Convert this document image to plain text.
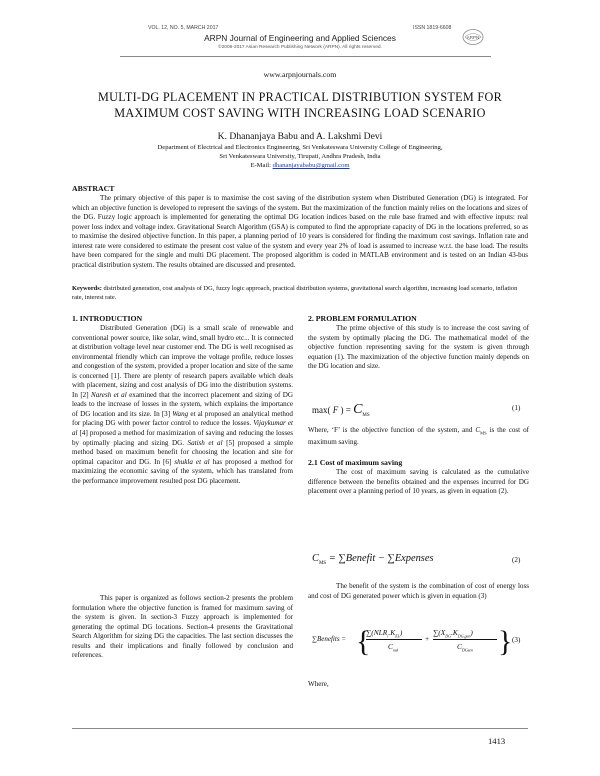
VOL. 12, NO. 5, MARCH 2017	ISSN 1819-6608
ARPN Journal of Engineering and Applied Sciences
©2006-2017 Asian Research Publishing Network (ARPN). All rights reserved.
ARPN
www.arpnjournals.com
MULTI-DG PLACEMENT IN PRACTICAL DISTRIBUTION SYSTEM FOR
MAXIMUM COST SAVING WITH INCREASING LOAD SCENARIO
K. Dhananjaya Babu and A. Lakshmi Devi
Department of Electrical and Electronics Engineering, Sri Venkateswara University College of Engineering,
Sri Venkateswara University, Tirupati, Andhra Pradesh, India
E-Mail: dhananjayababu@gmail.com
ABSTRACT
The primary objective of this paper is to maximise the cost saving of the distribution system when Distributed Generation (DG) is integrated. For which an objective function is developed to represent the savings of the system. But the maximization of the function mainly relies on the locations and sizes of the DG. Fuzzy logic approach is implemented for generating the optimal DG location indices based on the rule base framed and with effective inputs: real power loss index and voltage index. Gravitational Search Algorithm (GSA) is computed to find the appropriate capacity of DG in the locations preferred, so as to maximise the desired objective function. In this paper, a planning period of 10 years is considered for finding the maximum cost savings. Inflation rate and interest rate were considered to estimate the present cost value of the system and every year 2% of load is assumed to increase w.r.t. the base load. The results have been compared for the single and multi DG placement. The proposed algorithm is coded in MATLAB environment and is tested on an Indian 43-bus practical distribution system. The results obtained are discussed and presented.
Keywords: distributed generation, cost analysis of DG, fuzzy logic approach, practical distribution systems, gravitational search algorithm, increasing load scenario, inflation rate, interest rate.
1. INTRODUCTION
Distributed Generation (DG) is a small scale of renewable and conventional power source, like solar, wind, small hydro etc... It is connected at distribution voltage level near customer end. The DG is well recognised as environmental friendly which can improve the voltage profile, reduce losses and congestion of the system, provided a proper location and size of the same is concerned [1]. There are plenty of research papers available which deals with placement, sizing and cost analysis of DG into the distribution systems. In [2] Naresh et al examined that the incorrect placement and sizing of DG leads to the increase of losses in the system, which explains the importance of DG location and its size. In [3] Wang et al proposed an analytical method for placing DG with power factor control to reduce the losses. Vijaykumar et al [4] proposed a method for maximization of saving and reducing the losses by optimally placing and sizing DG. Satish et al [5] proposed a simple method based on maximum benefit for choosing the location and site for optimal capacitor and DG. In [6] shukla et al has proposed a method for maximizing the economic saving of the system, which has translated from the performance improvement resulted post DG placement.
This paper is organized as follows section-2 presents the problem formulation where the objective function is framed for maximum saving of the system is given. In section-3 Fuzzy approach is implemented for generating the optimal DG locations. Section-4 presents the Gravitational Search Algorithm for sizing DG the capacities. The last section discusses the results and their implications and finally followed by conclusion and references.
2. PROBLEM FORMULATION
The prime objective of this study is to increase the cost saving of the system by optimally placing the DG. The mathematical model of the objective function representing saving for the system is given through equation (1). The maximization of the objective function mainly depends on the DG location and size.
max( F ) = $C_{MS}$
(1)
Where, ‘F’ is the objective function of the system, and $C_{MS}$ is the cost of maximum saving.
2.1 Cost of maximum saving
The cost of maximum saving is calculated as the cumulative difference between the benefits obtained and the expenses incurred for DG placement over a planning period of 10 years, as given in equation (2).
$C_{MS}$ = ∑Benefit − ∑Expenses	(2)
The benefit of the system is the combination of cost of energy loss and cost of DG generated power which is given in equation (3)
∑Benefits = {
$\sum(NLR_i.K_{EL})$
$C_{nsk}$
+
$\sum(X_{DG}.K_{DG,gen})$
$C_{DGsen}$ } (3)
Where,
1413
